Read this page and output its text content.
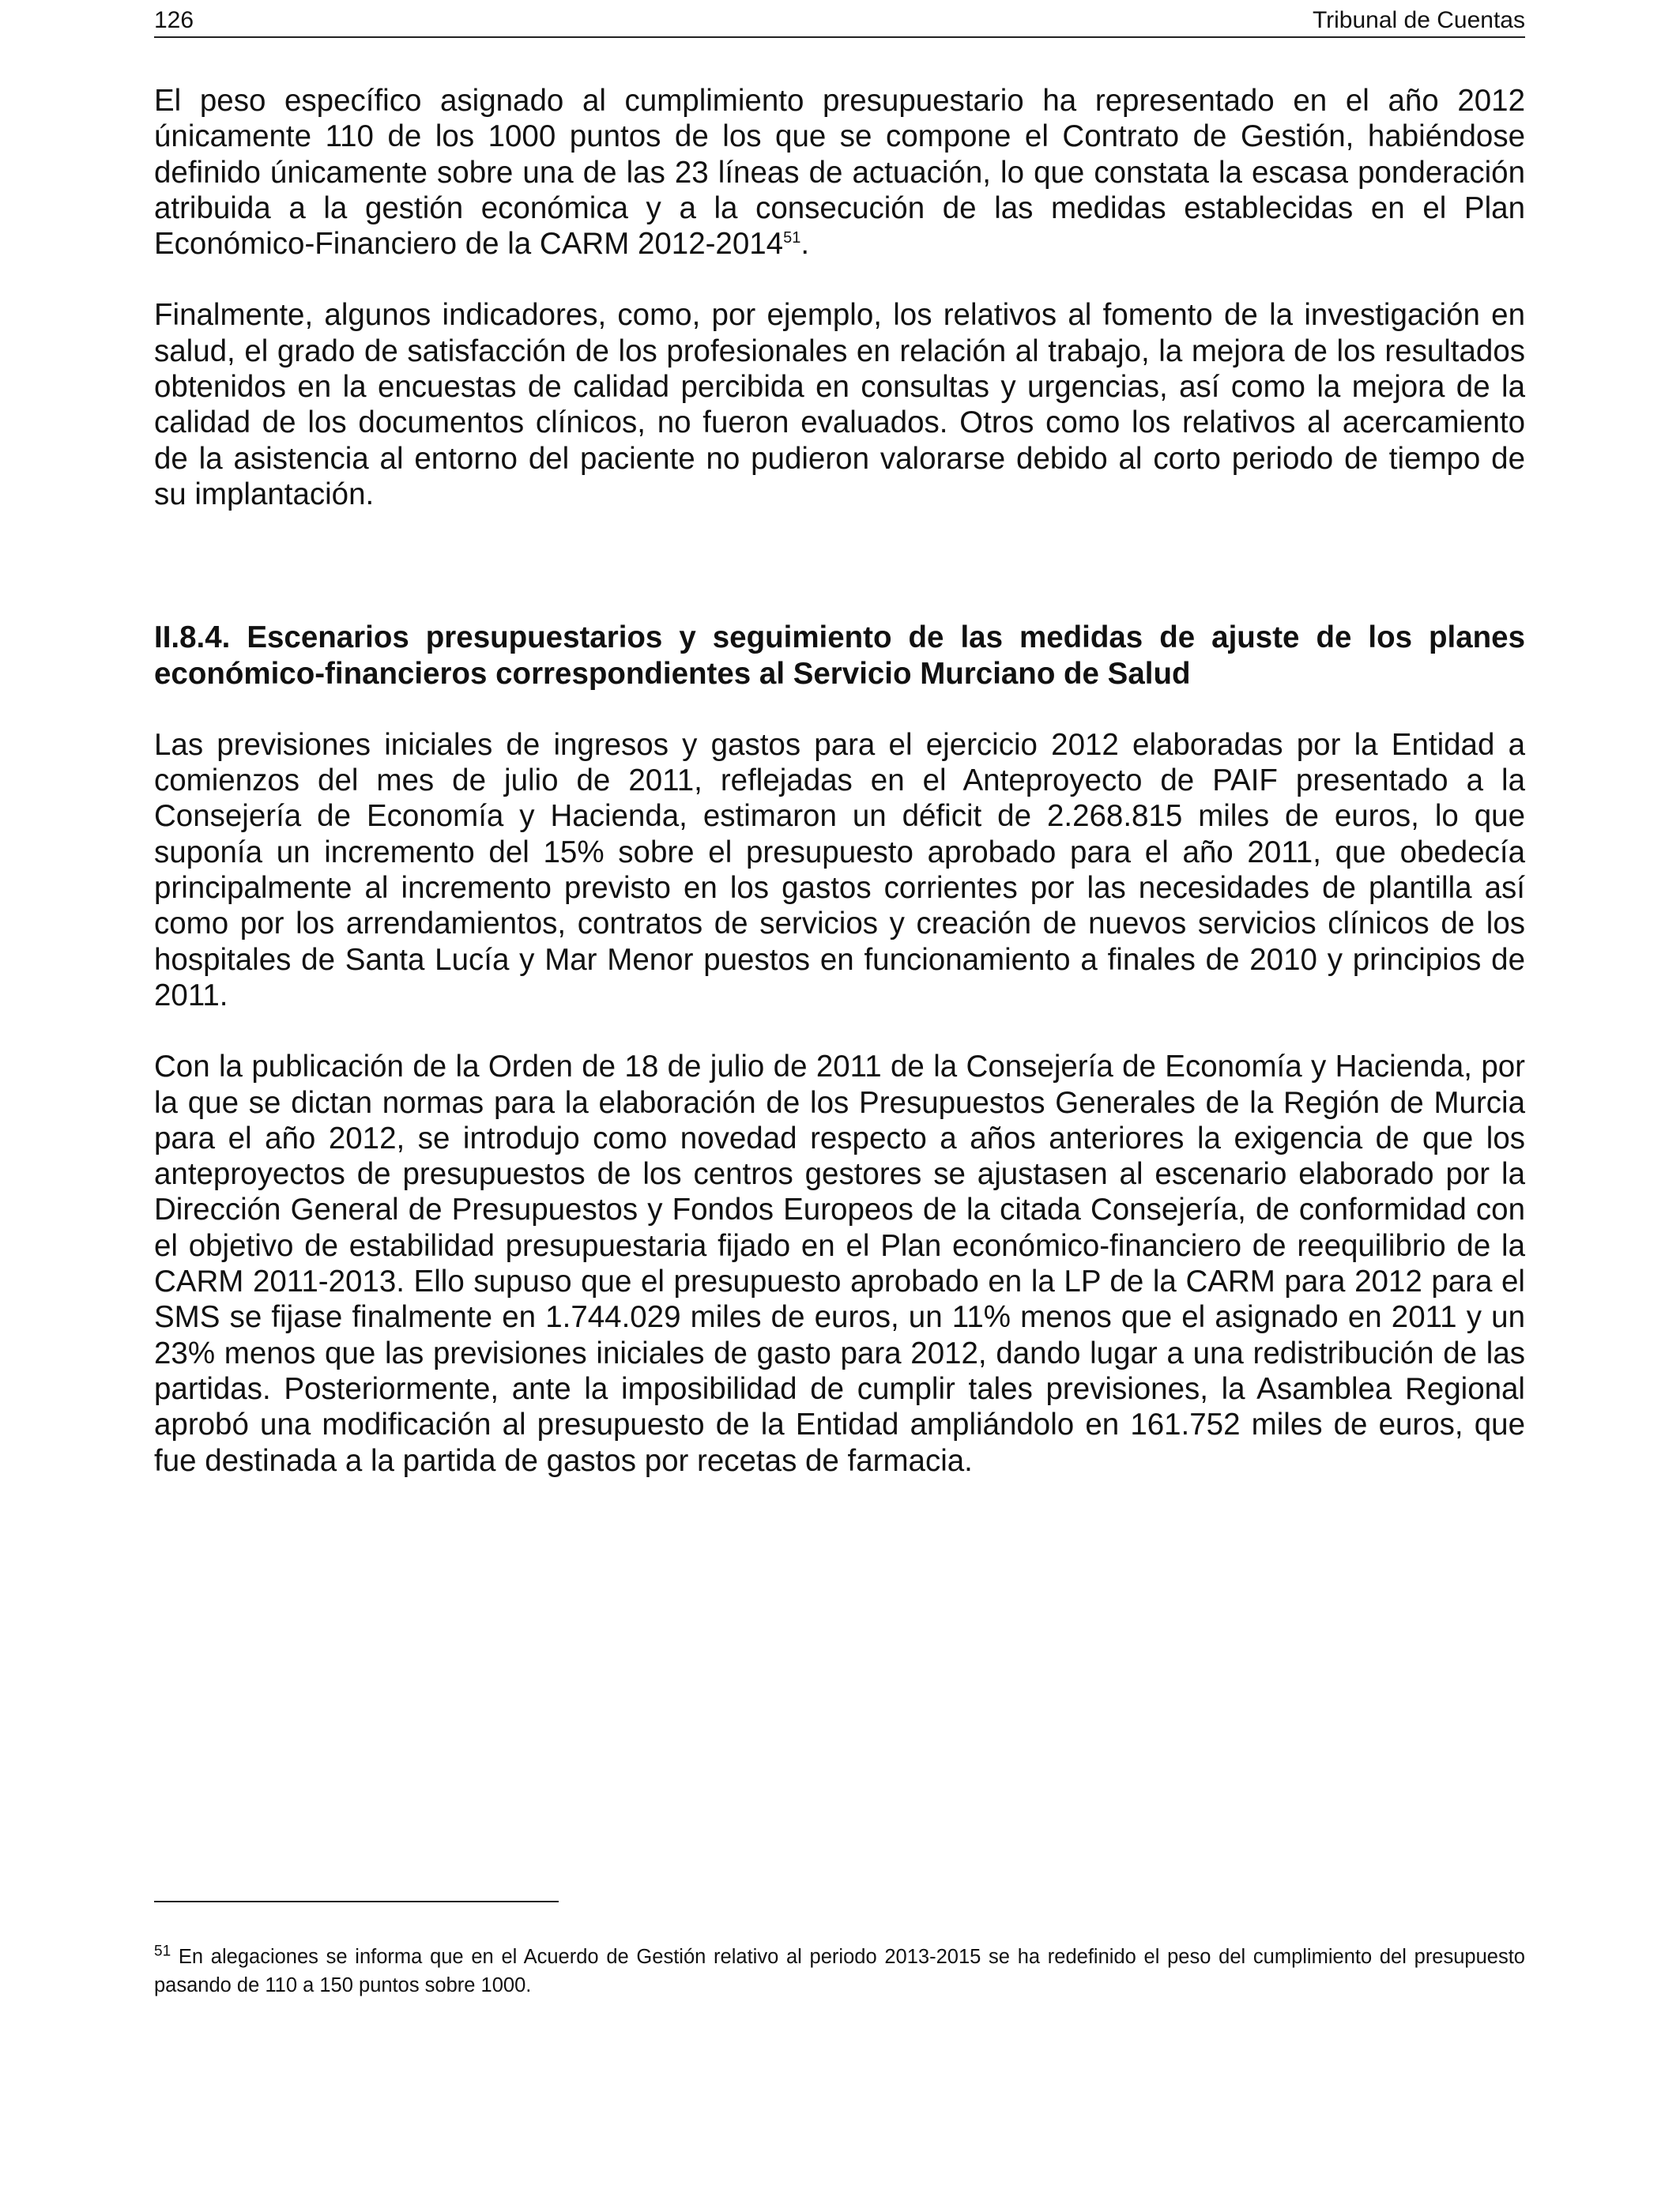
126	Tribunal de Cuentas

El peso específico asignado al cumplimiento presupuestario ha representado en el año 2012 únicamente 110 de los 1000 puntos de los que se compone el Contrato de Gestión, habiéndose definido únicamente sobre una de las 23 líneas de actuación, lo que constata la escasa ponderación atribuida a la gestión económica y a la consecución de las medidas establecidas en el Plan Económico-Financiero de la CARM 2012-2014$^{51}$.

Finalmente, algunos indicadores, como, por ejemplo, los relativos al fomento de la investigación en salud, el grado de satisfacción de los profesionales en relación al trabajo, la mejora de los resultados obtenidos en la encuestas de calidad percibida en consultas y urgencias, así como la mejora de la calidad de los documentos clínicos, no fueron evaluados. Otros como los relativos al acercamiento de la asistencia al entorno del paciente no pudieron valorarse debido al corto periodo de tiempo de su implantación.

II.8.4. Escenarios presupuestarios y seguimiento de las medidas de ajuste de los planes económico-financieros correspondientes al Servicio Murciano de Salud

Las previsiones iniciales de ingresos y gastos para el ejercicio 2012 elaboradas por la Entidad a comienzos del mes de julio de 2011, reflejadas en el Anteproyecto de PAIF presentado a la Consejería de Economía y Hacienda, estimaron un déficit de 2.268.815 miles de euros, lo que suponía un incremento del 15% sobre el presupuesto aprobado para el año 2011, que obedecía principalmente al incremento previsto en los gastos corrientes por las necesidades de plantilla así como por los arrendamientos, contratos de servicios y creación de nuevos servicios clínicos de los hospitales de Santa Lucía y Mar Menor puestos en funcionamiento a finales de 2010 y principios de 2011.

Con la publicación de la Orden de 18 de julio de 2011 de la Consejería de Economía y Hacienda, por la que se dictan normas para la elaboración de los Presupuestos Generales de la Región de Murcia para el año 2012, se introdujo como novedad respecto a años anteriores la exigencia de que los anteproyectos de presupuestos de los centros gestores se ajustasen al escenario elaborado por la Dirección General de Presupuestos y Fondos Europeos de la citada Consejería, de conformidad con el objetivo de estabilidad presupuestaria fijado en el Plan económico-financiero de reequilibrio de la CARM 2011-2013. Ello supuso que el presupuesto aprobado en la LP de la CARM para 2012 para el SMS se fijase finalmente en 1.744.029 miles de euros, un 11% menos que el asignado en 2011 y un 23% menos que las previsiones iniciales de gasto para 2012, dando lugar a una redistribución de las partidas. Posteriormente, ante la imposibilidad de cumplir tales previsiones, la Asamblea Regional aprobó una modificación al presupuesto de la Entidad ampliándolo en 161.752 miles de euros, que fue destinada a la partida de gastos por recetas de farmacia.

$^{51}$ En alegaciones se informa que en el Acuerdo de Gestión relativo al periodo 2013-2015 se ha redefinido el peso del cumplimiento del presupuesto pasando de 110 a 150 puntos sobre 1000.
